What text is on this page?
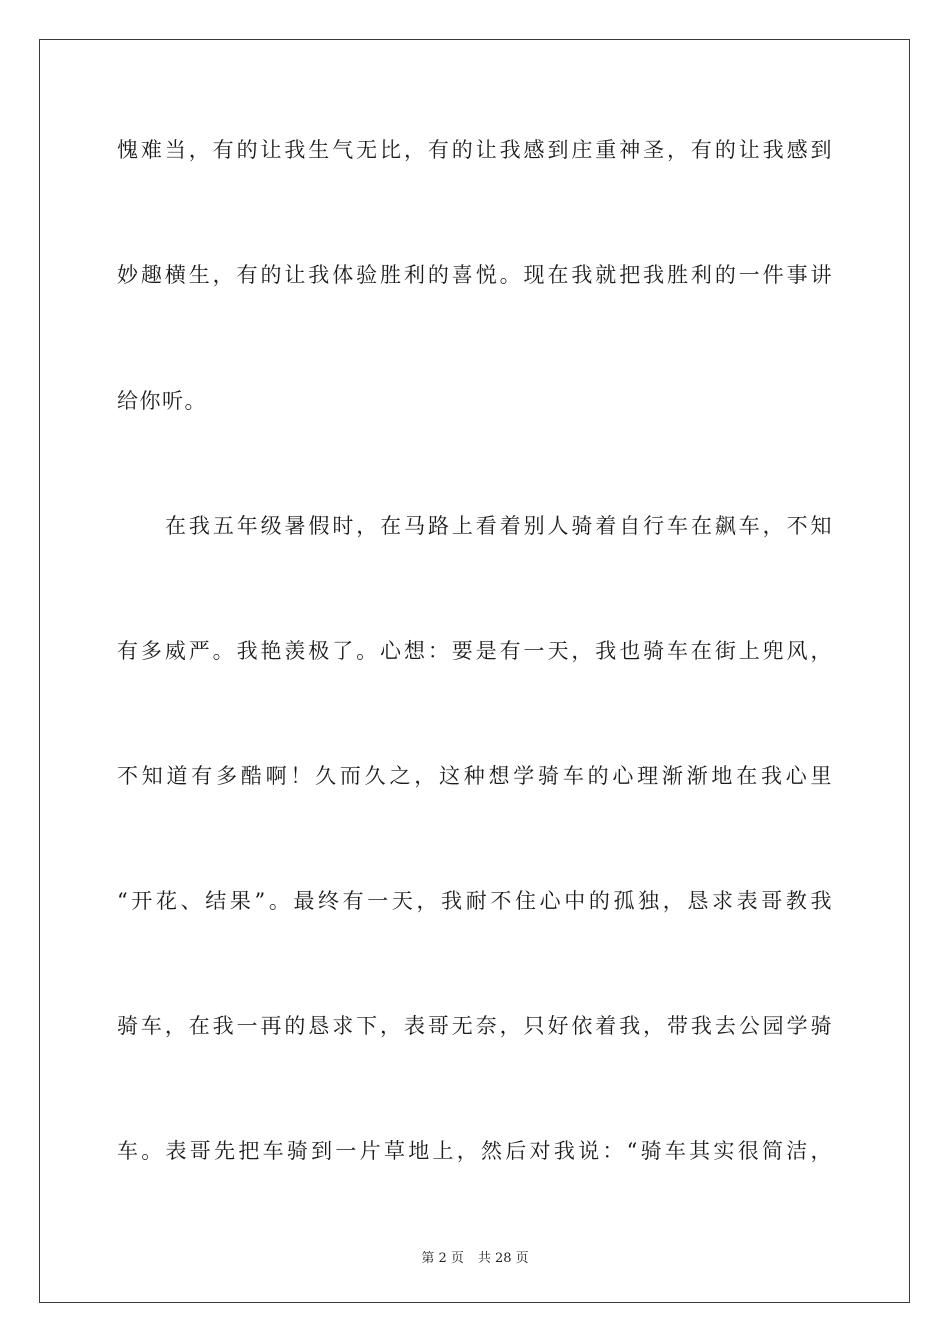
愧难当，有的让我生气无比，有的让我感到庄重神圣，有的让我感到
妙趣横生，有的让我体验胜利的喜悦。现在我就把我胜利的一件事讲
给你听。
在我五年级暑假时，在马路上看着别人骑着自行车在飙车，不知
有多威严。我艳羡极了。心想：要是有一天，我也骑车在街上兜风，
不知道有多酷啊！久而久之，这种想学骑车的心理渐渐地在我心里
“开花、结果”。最终有一天，我耐不住心中的孤独，恳求表哥教我
骑车，在我一再的恳求下，表哥无奈，只好依着我，带我去公园学骑
车。表哥先把车骑到一片草地上，然后对我说：“骑车其实很简洁，
第 2 页 共 28 页
